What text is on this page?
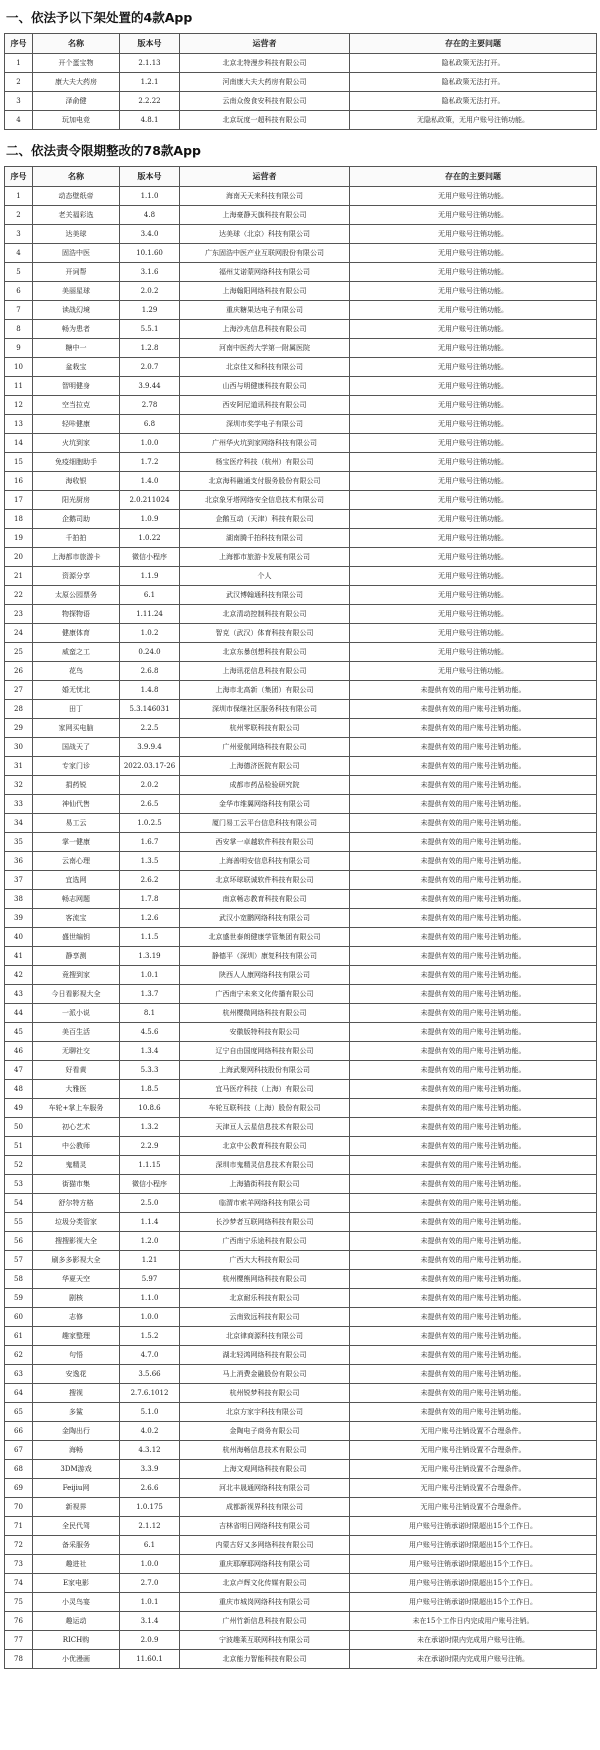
一、依法予以下架处置的4款App
序号	名称	版本号	运营者	存在的主要问题
1	开个蛋宝物	2.1.13	北京北特漫步科技有限公司	隐私政策无法打开。
2	康大夫大药房	1.2.1	河南康大夫大药房有限公司	隐私政策无法打开。
3	泽俞健	2.2.22	云南众俊食安科技有限公司	隐私政策无法打开。
4	玩加电竞	4.8.1	北京玩度一超科技有限公司	无隐私政策，无用户账号注销功能。
二、依法责令限期整改的78款App
序号	名称	版本号	运营者	存在的主要问题
1	动态壁纸帝	1.1.0	海南天天来科技有限公司	无用户账号注销功能。
2	老关福彩选	4.8	上海豪静天旗科技有限公司	无用户账号注销功能。
3	达美球	3.4.0	达美球（北京）科技有限公司	无用户账号注销功能。
4	固浩中医	10.1.60	广东固浩中医产业互联网股份有限公司	无用户账号注销功能。
5	开词帮	3.1.6	福州艾诺蒙网络科技有限公司	无用户账号注销功能。
6	美丽星球	2.0.2	上海翰阳网络科技有限公司	无用户账号注销功能。
7	读战幻境	1.29	重庆糖果达电子有限公司	无用户账号注销功能。
8	畅为患者	5.5.1	上海沙兆信息科技有限公司	无用户账号注销功能。
9	糖中一	1.2.8	河南中医药大学第一附属医院	无用户账号注销功能。
10	盆栽宝	2.0.7	北京佳又和科技有限公司	无用户账号注销功能。
11	智明健身	3.9.44	山西与明健康科技有限公司	无用户账号注销功能。
12	空当拉克	2.78	西安阿尼道讯科技有限公司	无用户账号注销功能。
13	轻咔健康	6.8	深圳市奖学电子有限公司	无用户账号注销功能。
14	火坑到家	1.0.0	广州华火坑到家网络科技有限公司	无用户账号注销功能。
15	免疫细胞助手	1.7.2	杨宝医疗科技（杭州）有限公司	无用户账号注销功能。
16	海收银	1.4.0	北京海科融通支付服务股份有限公司	无用户账号注销功能。
17	阳光厨房	2.0.211024	北京象牙塔网络安全信息技术有限公司	无用户账号注销功能。
18	企鹅司助	1.0.9	企鹅互动（天津）科技有限公司	无用户账号注销功能。
19	千拍拍	1.0.22	湖南腾千拍科技有限公司	无用户账号注销功能。
20	上海都市旅游卡	微信小程序	上海都市旅游卡发展有限公司	无用户账号注销功能。
21	资源分享	1.1.9	个人	无用户账号注销功能。
22	太原公园票务	6.1	武汉博翰通科技有限公司	无用户账号注销功能。
23	物探物语	1.11.24	北京清动控制科技有限公司	无用户账号注销功能。
24	健康体育	1.0.2	智克（武汉）体育科技有限公司	无用户账号注销功能。
25	威蛮之工	0.24.0	北京东暴创想科技有限公司	无用户账号注销功能。
26	花鸟	2.6.8	上海讯花信息科技有限公司	无用户账号注销功能。
27	婚无忧北	1.4.8	上海市北高新（集团）有限公司	未提供有效的用户账号注销功能。
28	田丁	5.3.146031	深圳市保继社区服务科技有限公司	未提供有效的用户账号注销功能。
29	家网买电脑	2.2.5	杭州零联科技有限公司	未提供有效的用户账号注销功能。
30	国战天了	3.9.9.4	广州爱航网络科技有限公司	未提供有效的用户账号注销功能。
31	专家门诊	2022.03.17-26	上海德济医院有限公司	未提供有效的用户账号注销功能。
32	捐药锐	2.0.2	成都市药品检验研究院	未提供有效的用户账号注销功能。
33	神仙代售	2.6.5	金华市维翼网络科技有限公司	未提供有效的用户账号注销功能。
34	易工云	1.0.2.5	厦门易工云平台信息科技有限公司	未提供有效的用户账号注销功能。
35	掌一健康	1.6.7	西安掌一卓越软件科技有限公司	未提供有效的用户账号注销功能。
36	云南心理	1.3.5	上海善明安信息科技有限公司	未提供有效的用户账号注销功能。
37	宜选网	2.6.2	北京环球联诚软件科技有限公司	未提供有效的用户账号注销功能。
38	畅志网题	1.7.8	南京畅志教育科技有限公司	未提供有效的用户账号注销功能。
39	客流宝	1.2.6	武汉小宽鹏网络科技有限公司	未提供有效的用户账号注销功能。
40	盛世编钥	1.1.5	北京盛世泰朗健康学管集团有限公司	未提供有效的用户账号注销功能。
41	静享测	1.3.19	静德平（深圳）康复科技有限公司	未提供有效的用户账号注销功能。
42	竟搜到家	1.0.1	陕西人人康网络科技有限公司	未提供有效的用户账号注销功能。
43	今日看影视大全	1.3.7	广西南宁未来文化传播有限公司	未提供有效的用户账号注销功能。
44	一派小说	8.1	杭州樱微网络科技有限公司	未提供有效的用户账号注销功能。
45	美百生活	4.5.6	安徽版特科技有限公司	未提供有效的用户账号注销功能。
46	无聊社交	1.3.4	辽宁自由国度网络科技有限公司	未提供有效的用户账号注销功能。
47	好看黄	5.3.3	上海武聚网科技股份有限公司	未提供有效的用户账号注销功能。
48	大雅医	1.8.5	宜马医疗科技（上海）有限公司	未提供有效的用户账号注销功能。
49	车轮+掌上车服务	10.8.6	车轮互联科技（上海）股份有限公司	未提供有效的用户账号注销功能。
50	初心艺术	1.3.2	天津亘人云星信息技术有限公司	未提供有效的用户账号注销功能。
51	中公教师	2.2.9	北京中公教育科技有限公司	未提供有效的用户账号注销功能。
52	鬼精灵	1.1.15	深圳市鬼精灵信息技术有限公司	未提供有效的用户账号注销功能。
53	街猫市集	微信小程序	上海猫街科技有限公司	未提供有效的用户账号注销功能。
54	舒尔特方格	2.5.0	临渭市索羊网络科技有限公司	未提供有效的用户账号注销功能。
55	垃圾分类管家	1.1.4	长沙梦者互联网络科技有限公司	未提供有效的用户账号注销功能。
56	搜搜影视大全	1.2.0	广西南宁乐途科技有限公司	未提供有效的用户账号注销功能。
57	刷多多影视大全	1.21	广西大大科技有限公司	未提供有效的用户账号注销功能。
58	华夏天空	5.97	杭州樱熊网络科技有限公司	未提供有效的用户账号注销功能。
59	剧核	1.1.0	北京耐乐科技有限公司	未提供有效的用户账号注销功能。
60	志修	1.0.0	云南致远科技有限公司	未提供有效的用户账号注销功能。
61	趣家整理	1.5.2	北京律商源科技有限公司	未提供有效的用户账号注销功能。
62	句悟	4.7.0	湖北轻鸿网络科技有限公司	未提供有效的用户账号注销功能。
63	安逸花	3.5.66	马上消费金融股份有限公司	未提供有效的用户账号注销功能。
64	搜视	2.7.6.1012	杭州锐梦科技有限公司	未提供有效的用户账号注销功能。
65	多鲨	5.1.0	北京方家宇科技有限公司	未提供有效的用户账号注销功能。
66	金陶出行	4.0.2	金陶电子商务有限公司	无用户账号注销设置不合理条件。
67	海畅	4.3.12	杭州海畅信息技术有限公司	无用户账号注销设置不合理条件。
68	3DM游戏	3.3.9	上海文观网络科技有限公司	无用户账号注销设置不合理条件。
69	Feijiu网	2.6.6	河北丰晟通网络科技有限公司	无用户账号注销设置不合理条件。
70	新视界	1.0.175	成都新视界科技有限公司	无用户账号注销设置不合理条件。
71	全民代驾	2.1.12	吉林省明日网络科技有限公司	用户账号注销承诺时限超出15个工作日。
72	备采服务	6.1	内蒙古好又多网络科技有限公司	用户账号注销承诺时限超出15个工作日。
73	趣进社	1.0.0	重庆耶摩耶网络科技有限公司	用户账号注销承诺时限超出15个工作日。
74	E家电影	2.7.0	北京卢辉文化传媒有限公司	用户账号注销承诺时限超出15个工作日。
75	小灵鸟宴	1.0.1	重庆市城岗网络科技有限公司	用户账号注销承诺时限超出15个工作日。
76	趣运动	3.1.4	广州竹新信息科技有限公司	未在15个工作日内完成用户账号注销。
77	RICH购	2.0.9	宁波趣莱互联网科技有限公司	未在承诺时限内完成用户账号注销。
78	小优漫画	11.60.1	北京能力智能科技有限公司	未在承诺时限内完成用户账号注销。
